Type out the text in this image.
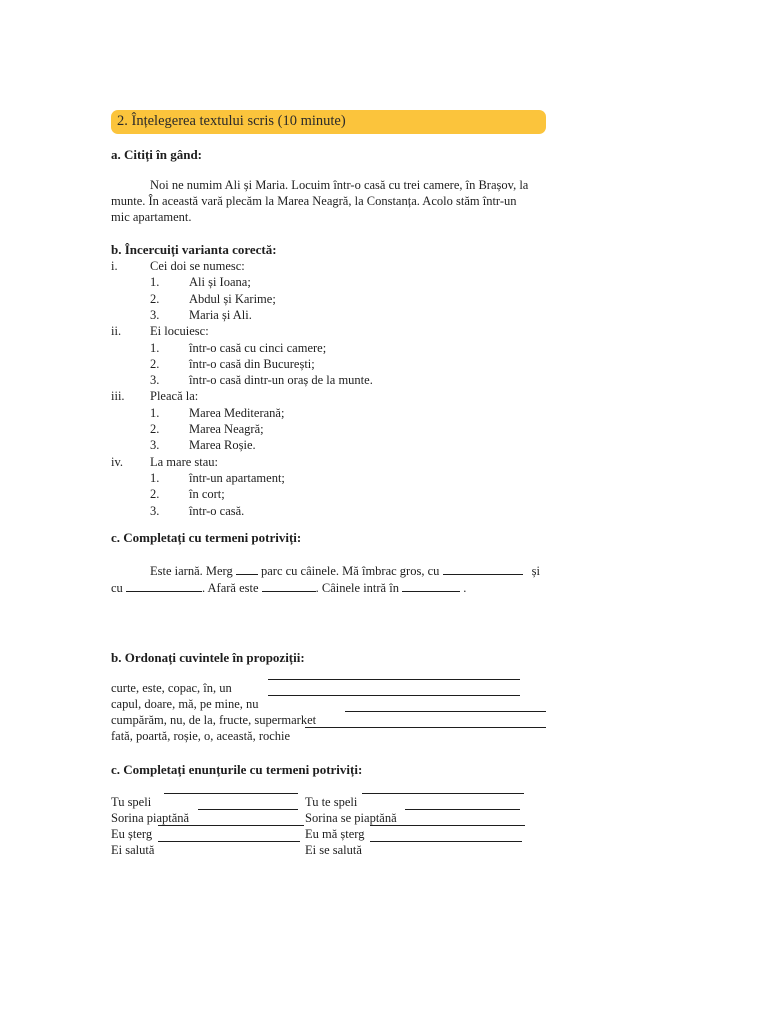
2. Înțelegerea textului scris (10 minute)
a. Citiți în gând:
Noi ne numim Ali și Maria. Locuim într-o casă cu trei camere, în Brașov, la
munte. În această vară plecăm la Marea Neagră, la Constanța. Acolo stăm într-un
mic apartament.
b. Încercuiți varianta corectă:
i.	Cei doi se numesc:
1. Ali și Ioana;
2. Abdul și Karime;
3. Maria și Ali.
ii. Ei locuiesc:
1. într-o casă cu cinci camere;
2. într-o casă din București;
3. într-o casă dintr-un oraș de la munte.
iii. Pleacă la:
1. Marea Mediterană;
2. Marea Neagră;
3. Marea Roșie.
iv. La mare stau:
1. într-un apartament;
2. în cort;
3. într-o casă.
c. Completați cu termeni potriviți:
Este iarnă. Merg parc cu câinele. Mă îmbrac gros, cu	și
cu	. Afară este	. Câinele intră în	.
b. Ordonați cuvintele în propoziții:
curte, este, copac, în, un
capul, doare, mă, pe mine, nu
cumpărăm, nu, de la, fructe, supermarket
fată, poartă, roșie, o, această, rochie
c. Completați enunțurile cu termeni potriviți:
Tu speli	Tu te speli
Sorina piaptănă	Sorina se piaptănă
Eu șterg	Eu mă șterg
Ei salută	Ei se salută
